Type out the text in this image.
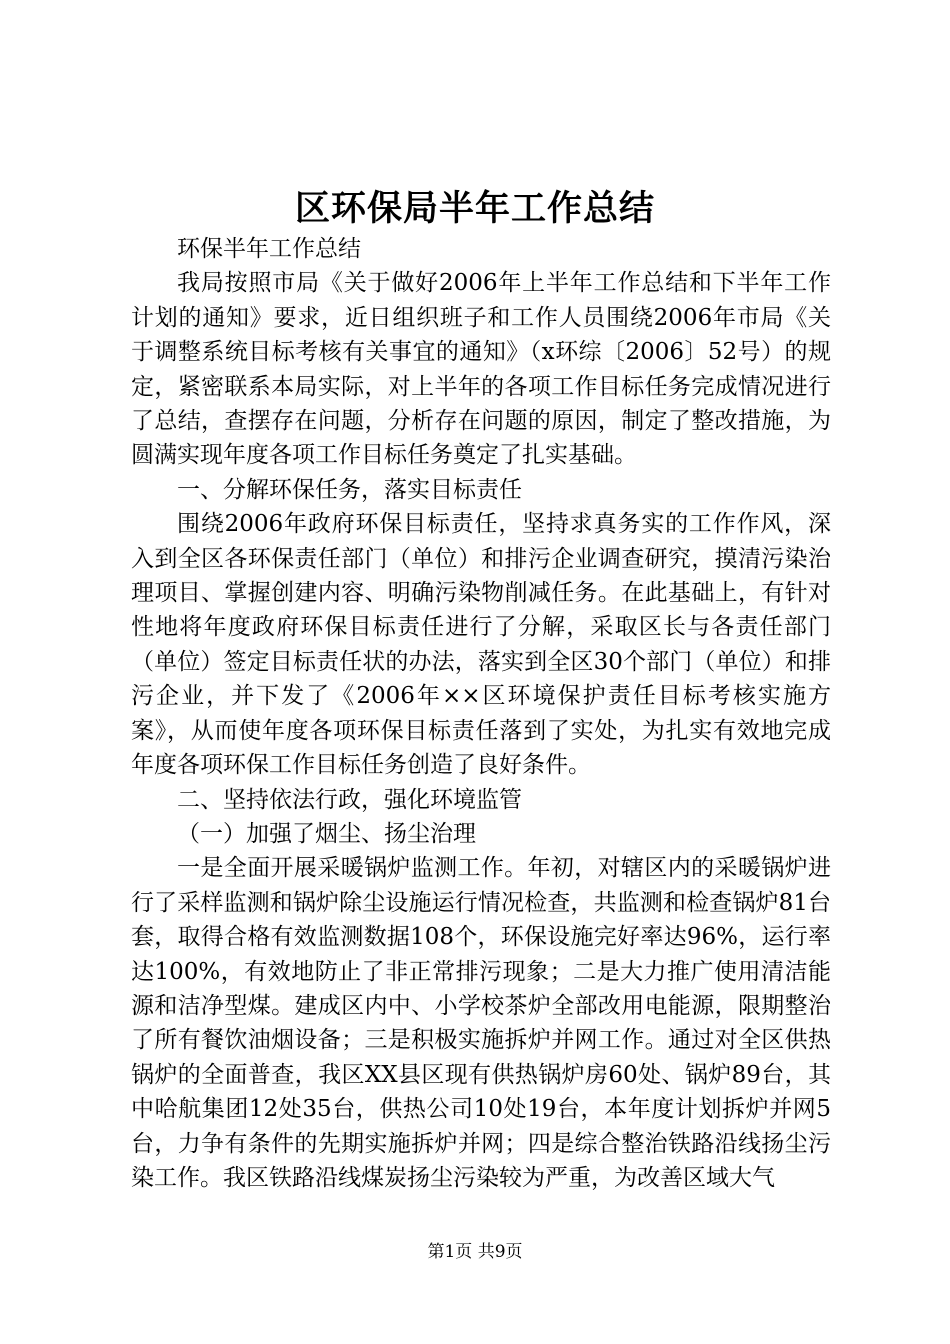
区环保局半年工作总结

环保半年工作总结

我局按照市局《关于做好2006年上半年工作总结和下半年工作计划的通知》要求，近日组织班子和工作人员围绕2006年市局《关于调整系统目标考核有关事宜的通知》（x环综〔2006〕52号）的规定，紧密联系本局实际，对上半年的各项工作目标任务完成情况进行了总结，查摆存在问题，分析存在问题的原因，制定了整改措施，为圆满实现年度各项工作目标任务奠定了扎实基础。

一、分解环保任务，落实目标责任

围绕2006年政府环保目标责任，坚持求真务实的工作作风，深入到全区各环保责任部门（单位）和排污企业调查研究，摸清污染治理项目、掌握创建内容、明确污染物削减任务。在此基础上，有针对性地将年度政府环保目标责任进行了分解，采取区长与各责任部门（单位）签定目标责任状的办法，落实到全区30个部门（单位）和排污企业，并下发了《2006年××区环境保护责任目标考核实施方案》，从而使年度各项环保目标责任落到了实处，为扎实有效地完成年度各项环保工作目标任务创造了良好条件。

二、坚持依法行政，强化环境监管

（一）加强了烟尘、扬尘治理

一是全面开展采暖锅炉监测工作。年初，对辖区内的采暖锅炉进行了采样监测和锅炉除尘设施运行情况检查，共监测和检查锅炉81台套，取得合格有效监测数据108个，环保设施完好率达96%，运行率达100%，有效地防止了非正常排污现象；二是大力推广使用清洁能源和洁净型煤。建成区内中、小学校茶炉全部改用电能源，限期整治了所有餐饮油烟设备；三是积极实施拆炉并网工作。通过对全区供热锅炉的全面普查，我区XX县区现有供热锅炉房60处、锅炉89台，其中哈航集团12处35台，供热公司10处19台，本年度计划拆炉并网5台，力争有条件的先期实施拆炉并网；四是综合整治铁路沿线扬尘污染工作。我区铁路沿线煤炭扬尘污染较为严重，为改善区域大气

第1页 共9页
